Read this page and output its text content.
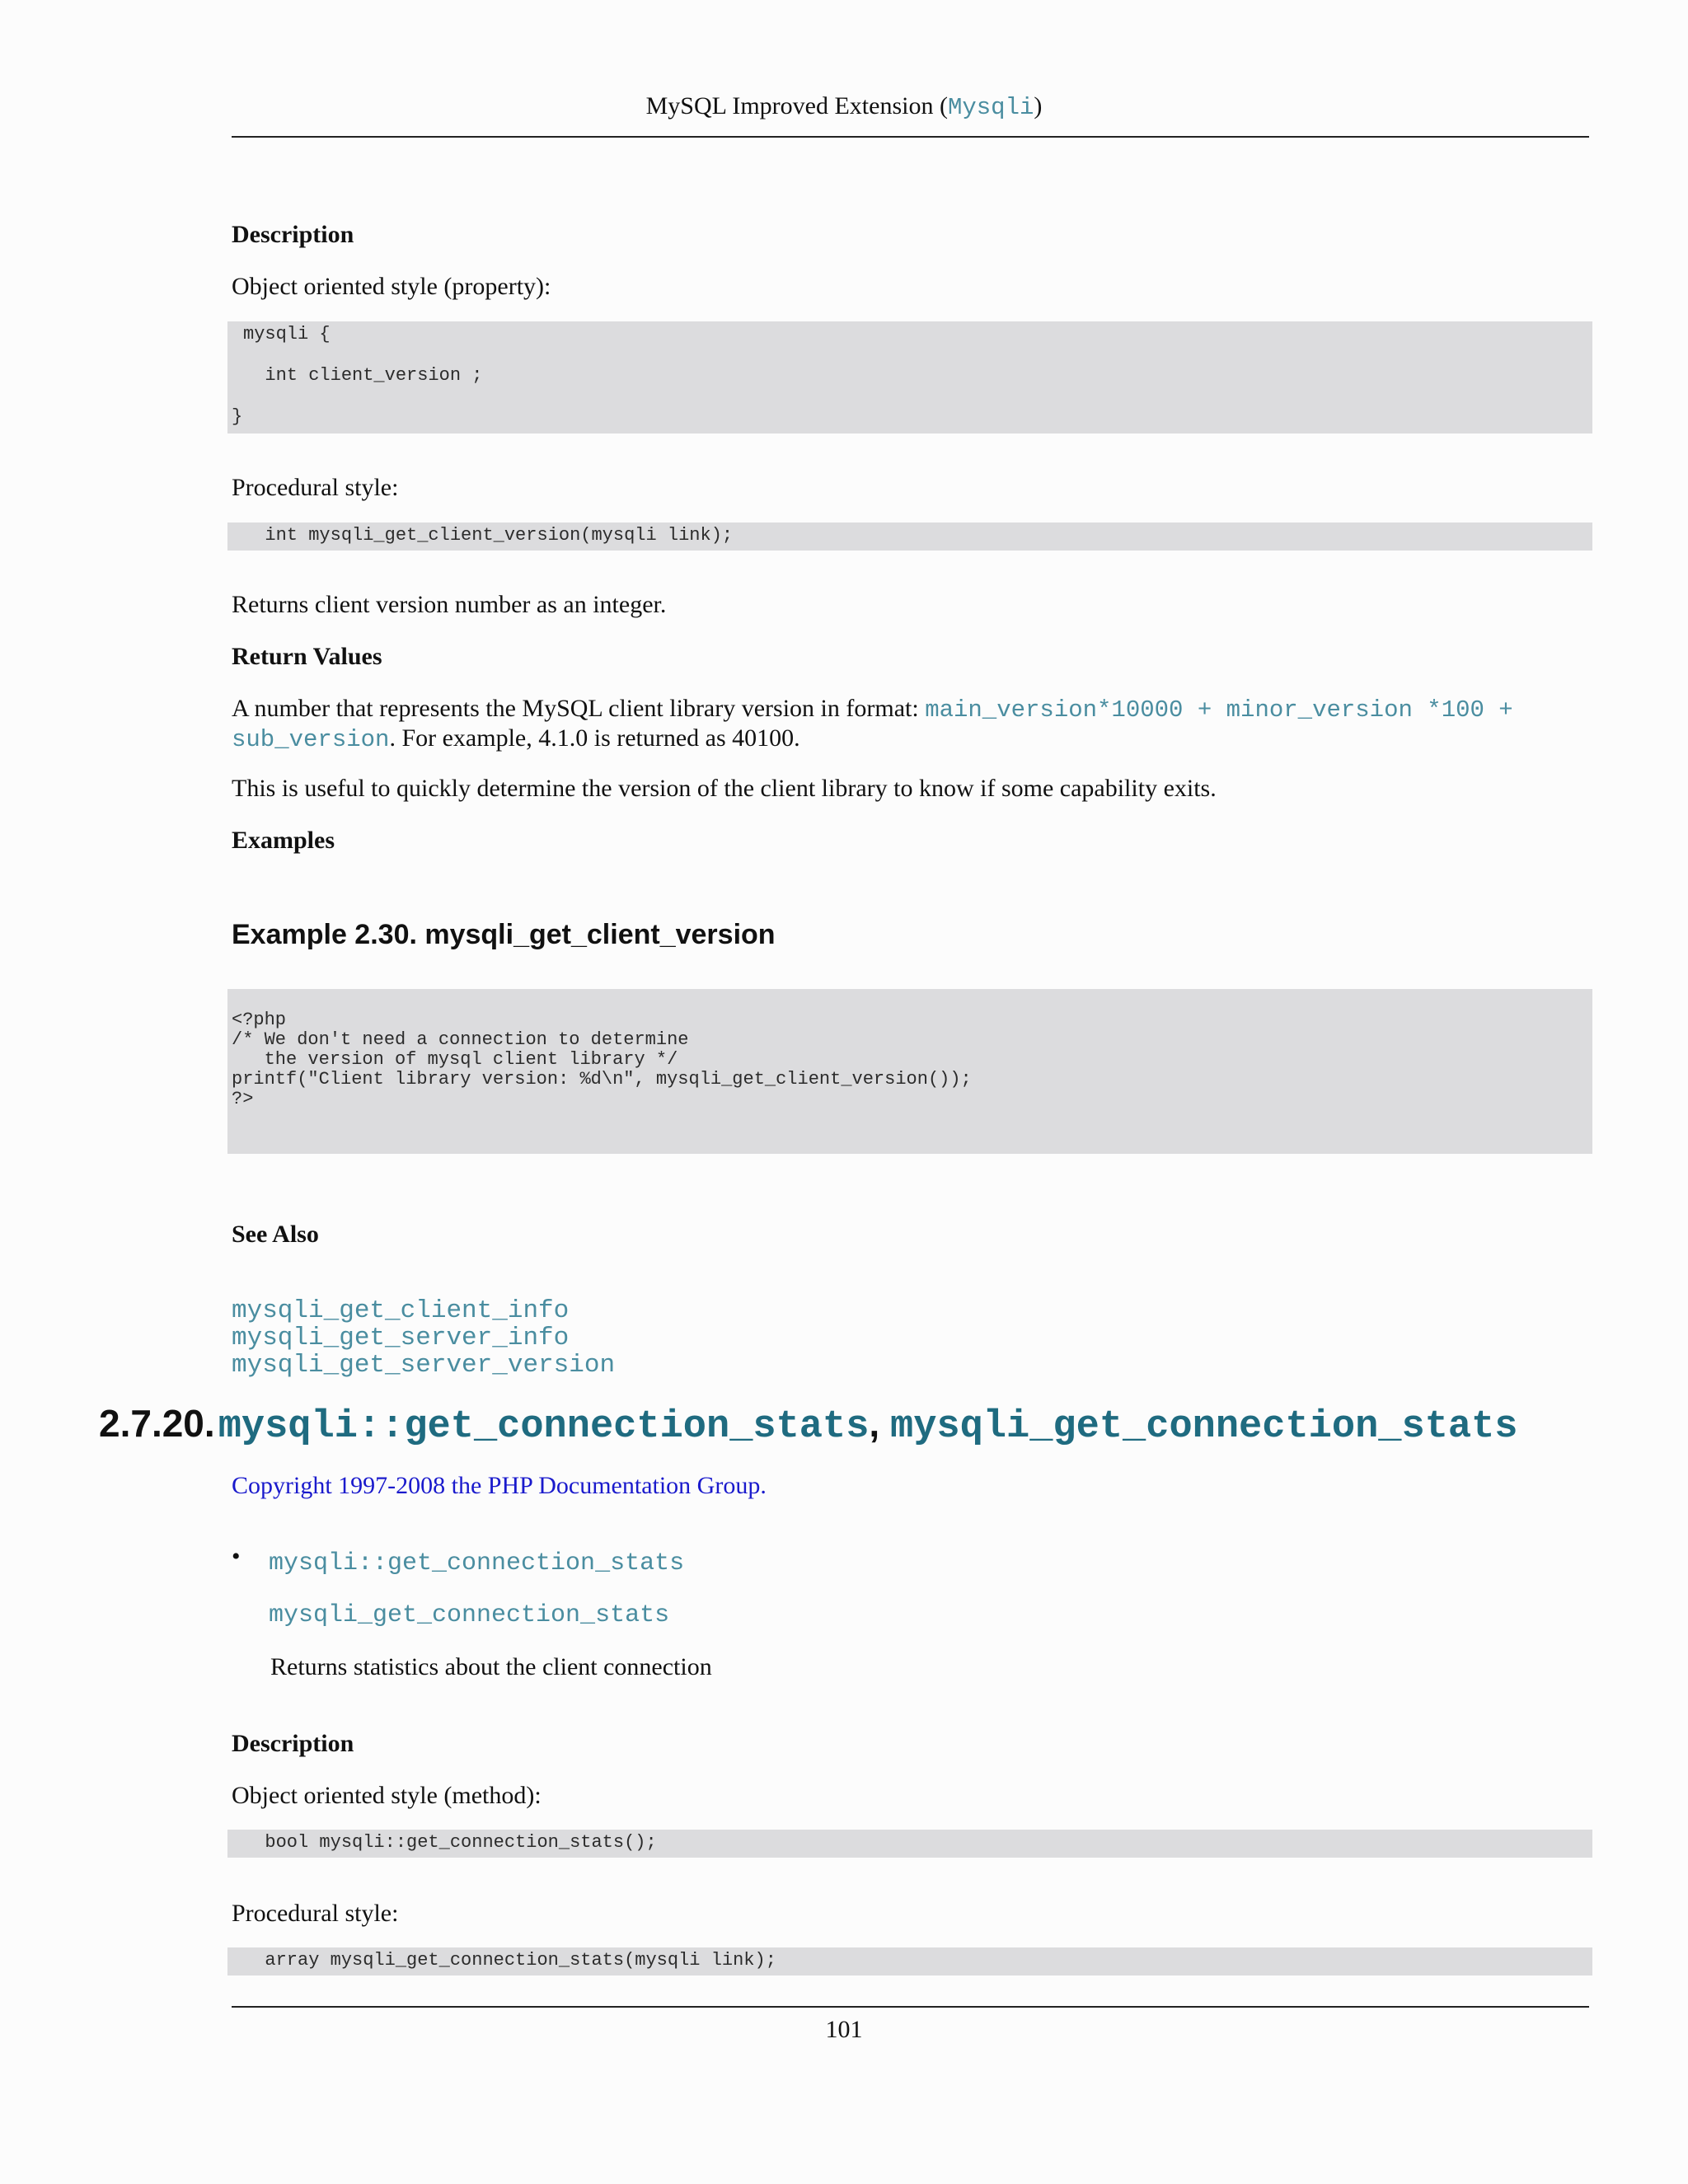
MySQL Improved Extension (Mysqli)
Description
Object oriented style (property):
mysqli {
int client_version ;
}
Procedural style:
int mysqli_get_client_version(mysqli link);
Returns client version number as an integer.
Return Values
A number that represents the MySQL client library version in format: main_version*10000 + minor_version *100 +
sub_version. For example, 4.1.0 is returned as 40100.
This is useful to quickly determine the version of the client library to know if some capability exits.
Examples
Example 2.30. mysqli_get_client_version
<?php
/* We don't need a connection to determine
the version of mysql client library */
printf("Client library version: %d\n", mysqli_get_client_version());
?>
See Also
mysqli_get_client_info
mysqli_get_server_info
mysqli_get_server_version
2.7.20. mysqli::get_connection_stats, mysqli_get_connection_stats
Copyright 1997-2008 the PHP Documentation Group.
• mysqli::get_connection_stats
mysqli_get_connection_stats
Returns statistics about the client connection
Description
Object oriented style (method):
bool mysqli::get_connection_stats();
Procedural style:
array mysqli_get_connection_stats(mysqli link);
101
